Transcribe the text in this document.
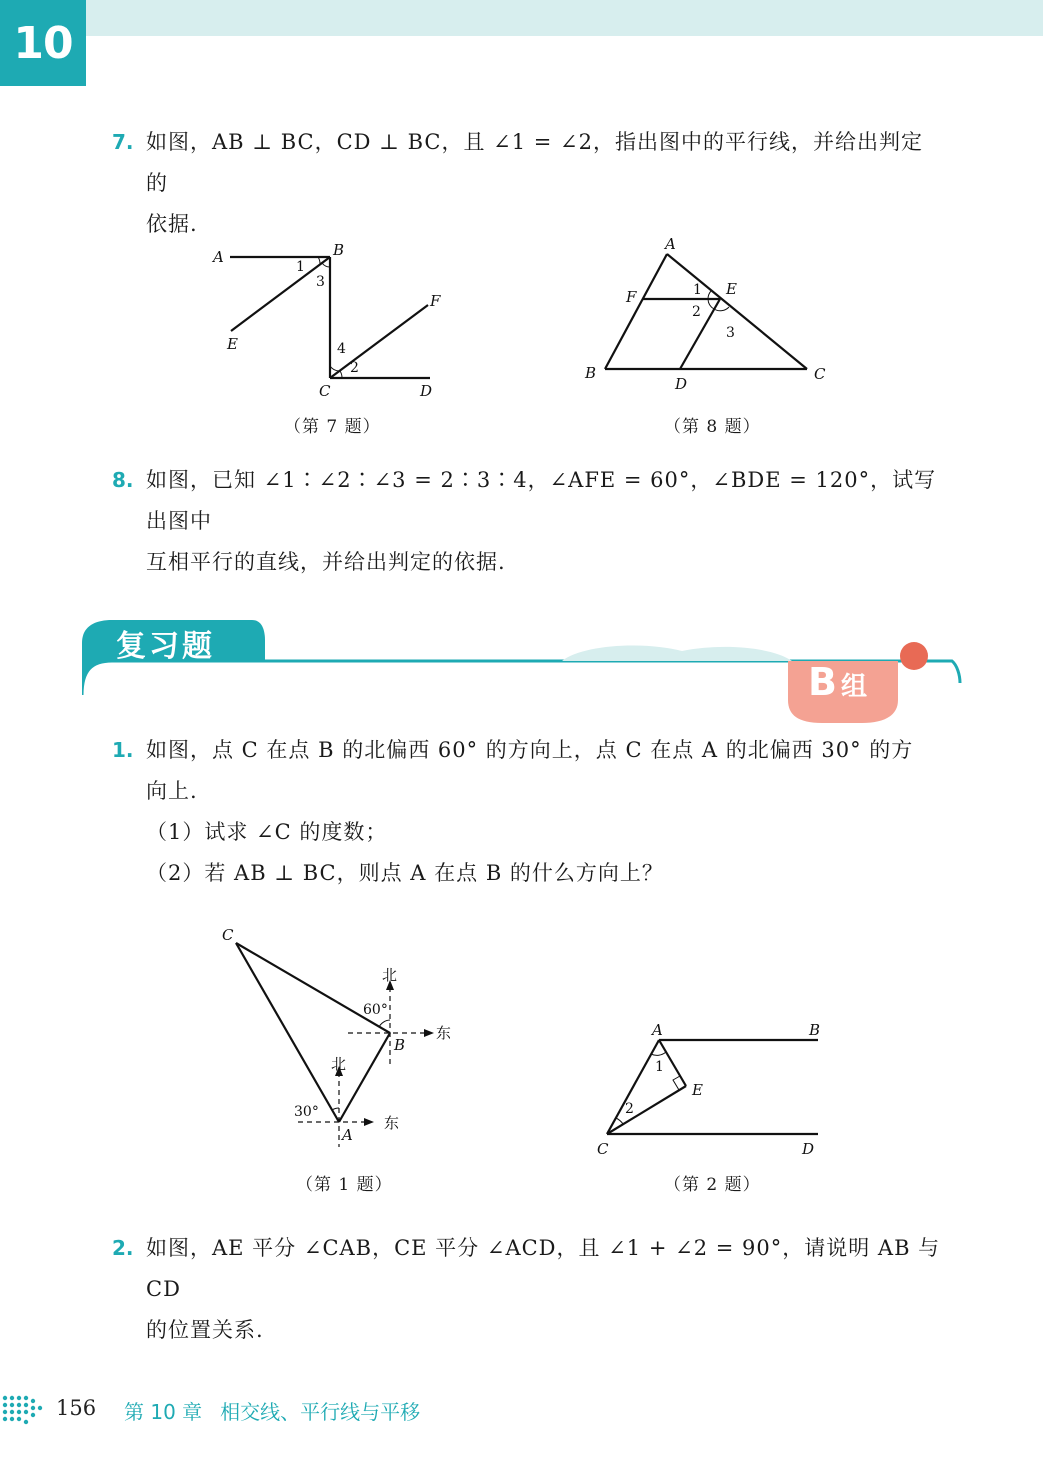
10
7. 如图，AB ⊥ BC，CD ⊥ BC，且 ∠1 = ∠2，指出图中的平行线，并给出判定的
依据.
A	B
C	D
E
F
1
3
4
2
（第 7 题）
A
B	C
D
E
F	1
2
3
（第 8 题）
8. 如图，已知 ∠1∶∠2∶∠3 = 2∶3∶4，∠AFE = 60°，∠BDE = 120°，试写出图中
互相平行的直线，并给出判定的依据.
复习题
B 组
1. 如图，点 C 在点 B 的北偏西 60° 的方向上，点 C 在点 A 的北偏西 30° 的方
向上.
（1）试求 ∠C 的度数；
（2）若 AB ⊥ BC，则点 A 在点 B 的什么方向上？
C
B
A
北
东
北
东
60°
30°
（第 1 题）
A	B
C	D
E
1
2
（第 2 题）
2. 如图，AE 平分 ∠CAB，CE 平分 ∠ACD，且 ∠1 + ∠2 = 90°，请说明 AB 与 CD
的位置关系.
156 第 10 章 相交线、平行线与平移
